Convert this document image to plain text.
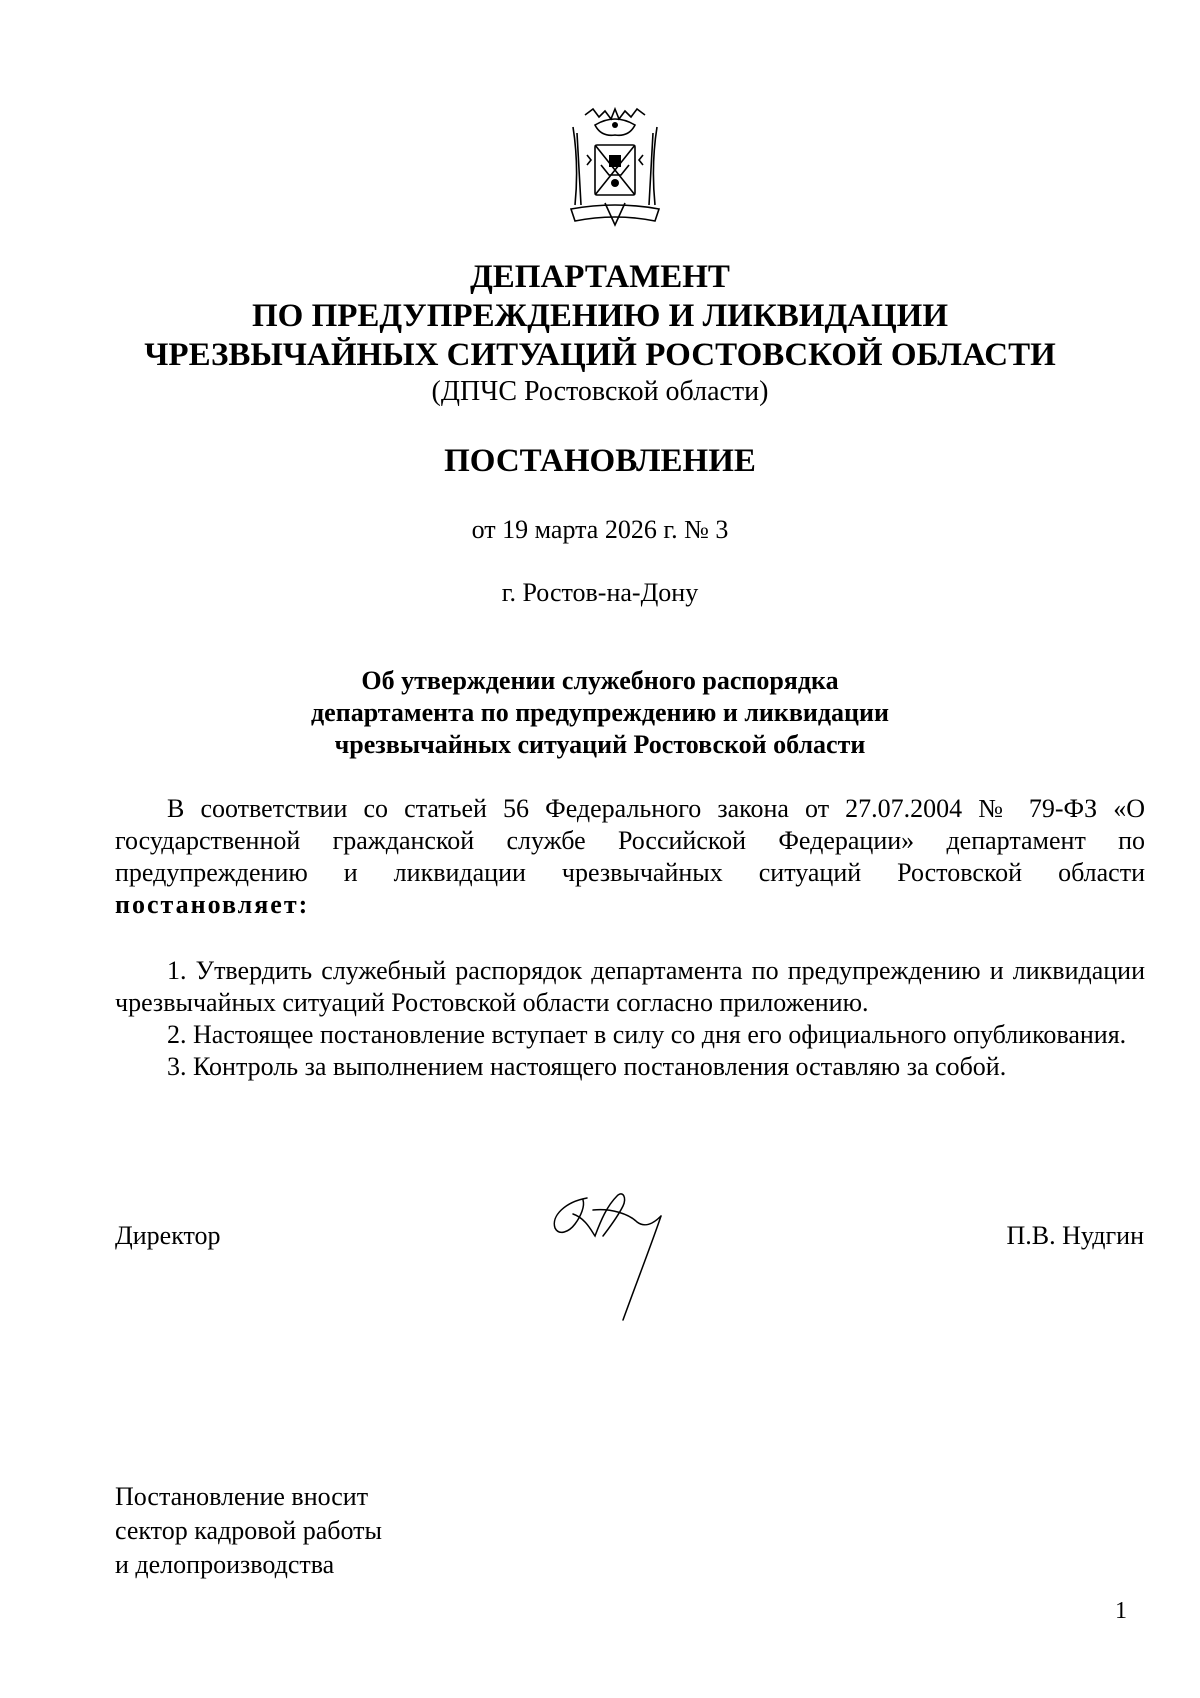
ДЕПАРТАМЕНТ
ПО ПРЕДУПРЕЖДЕНИЮ И ЛИКВИДАЦИИ
ЧРЕЗВЫЧАЙНЫХ СИТУАЦИЙ РОСТОВСКОЙ ОБЛАСТИ
(ДПЧС Ростовской области)
ПОСТАНОВЛЕНИЕ
от 19 марта 2026 г. № 3
г. Ростов-на-Дону
Об утверждении служебного распорядка
департамента по предупреждению и ликвидации
чрезвычайных ситуаций Ростовской области

В соответствии со статьей 56 Федерального закона от 27.07.2004 № 79-ФЗ «О государственной гражданской службе Российской Федерации» департамент по предупреждению и ликвидации чрезвычайных ситуаций Ростовской области постановляет:

1. Утвердить служебный распорядок департамента по предупреждению и ликвидации чрезвычайных ситуаций Ростовской области согласно приложению.
2. Настоящее постановление вступает в силу со дня его официального опубликования.
3. Контроль за выполнением настоящего постановления оставляю за собой.
Директор	П.В. Нудгин
Постановление вносит
сектор кадровой работы
и делопроизводства
1
